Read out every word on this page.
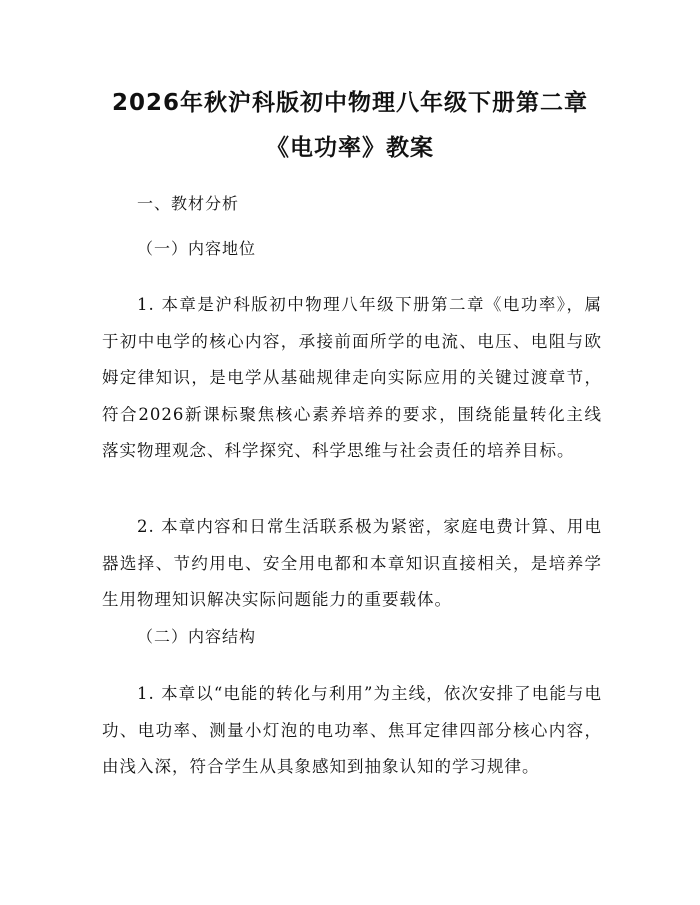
2026年秋沪科版初中物理八年级下册第二章
《电功率》教案

一、教材分析

（一）内容地位

1. 本章是沪科版初中物理八年级下册第二章《电功率》，属于初中电学的核心内容，承接前面所学的电流、电压、电阻与欧姆定律知识，是电学从基础规律走向实际应用的关键过渡章节，符合2026新课标聚焦核心素养培养的要求，围绕能量转化主线落实物理观念、科学探究、科学思维与社会责任的培养目标。

2. 本章内容和日常生活联系极为紧密，家庭电费计算、用电器选择、节约用电、安全用电都和本章知识直接相关，是培养学生用物理知识解决实际问题能力的重要载体。

（二）内容结构

1. 本章以“电能的转化与利用”为主线，依次安排了电能与电功、电功率、测量小灯泡的电功率、焦耳定律四部分核心内容，由浅入深，符合学生从具象感知到抽象认知的学习规律。
